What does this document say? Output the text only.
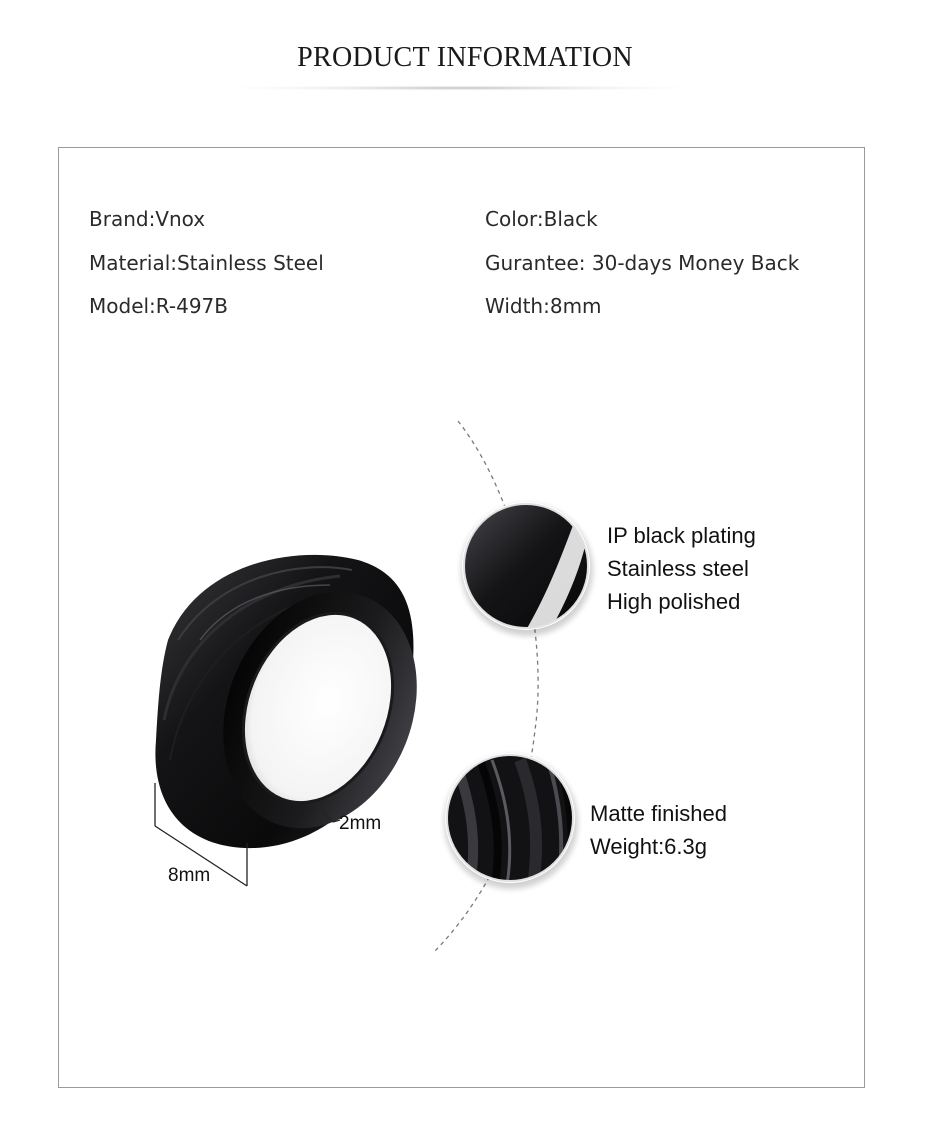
PRODUCT INFORMATION
Brand:Vnox
Material:Stainless Steel
Model:R-497B
Color:Black
Gurantee: 30-days Money Back
Width:8mm
8mm
2mm
IP black plating
Stainless steel
High polished
Matte finished
Weight:6.3g
